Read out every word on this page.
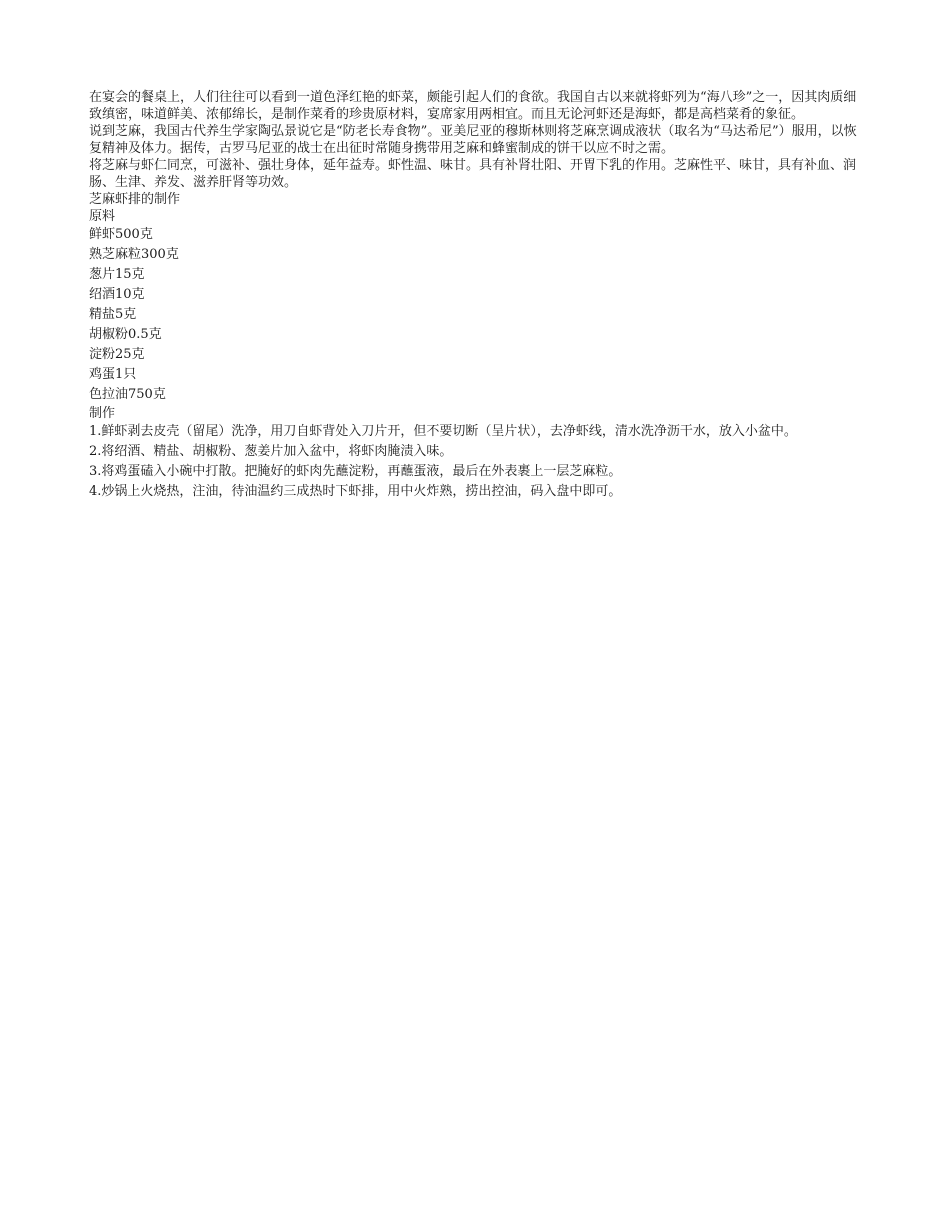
在宴会的餐桌上，人们往往可以看到一道色泽红艳的虾菜，颇能引起人们的食欲。我国自古以来就将虾列为“海八珍”之一，因其肉质细致缜密，味道鲜美、浓郁绵长，是制作菜肴的珍贵原材料，宴席家用两相宜。而且无论河虾还是海虾，都是高档菜肴的象征。

说到芝麻，我国古代养生学家陶弘景说它是“防老长寿食物”。亚美尼亚的穆斯林则将芝麻烹调成液状（取名为“马达希尼”）服用，以恢复精神及体力。据传，古罗马尼亚的战士在出征时常随身携带用芝麻和蜂蜜制成的饼干以应不时之需。

将芝麻与虾仁同烹，可滋补、强壮身体，延年益寿。虾性温、味甘。具有补肾壮阳、开胃下乳的作用。芝麻性平、味甘，具有补血、润肠、生津、养发、滋养肝肾等功效。

芝麻虾排的制作
原料
鲜虾500克
熟芝麻粒300克
葱片15克
绍酒10克
精盐5克
胡椒粉0.5克
淀粉25克
鸡蛋1只
色拉油750克
制作
1.鲜虾剥去皮壳（留尾）洗净，用刀自虾背处入刀片开，但不要切断（呈片状），去净虾线，清水洗净沥干水，放入小盆中。
2.将绍酒、精盐、胡椒粉、葱姜片加入盆中，将虾肉腌渍入味。
3.将鸡蛋磕入小碗中打散。把腌好的虾肉先蘸淀粉，再蘸蛋液，最后在外表裹上一层芝麻粒。
4.炒锅上火烧热，注油，待油温约三成热时下虾排，用中火炸熟，捞出控油，码入盘中即可。
